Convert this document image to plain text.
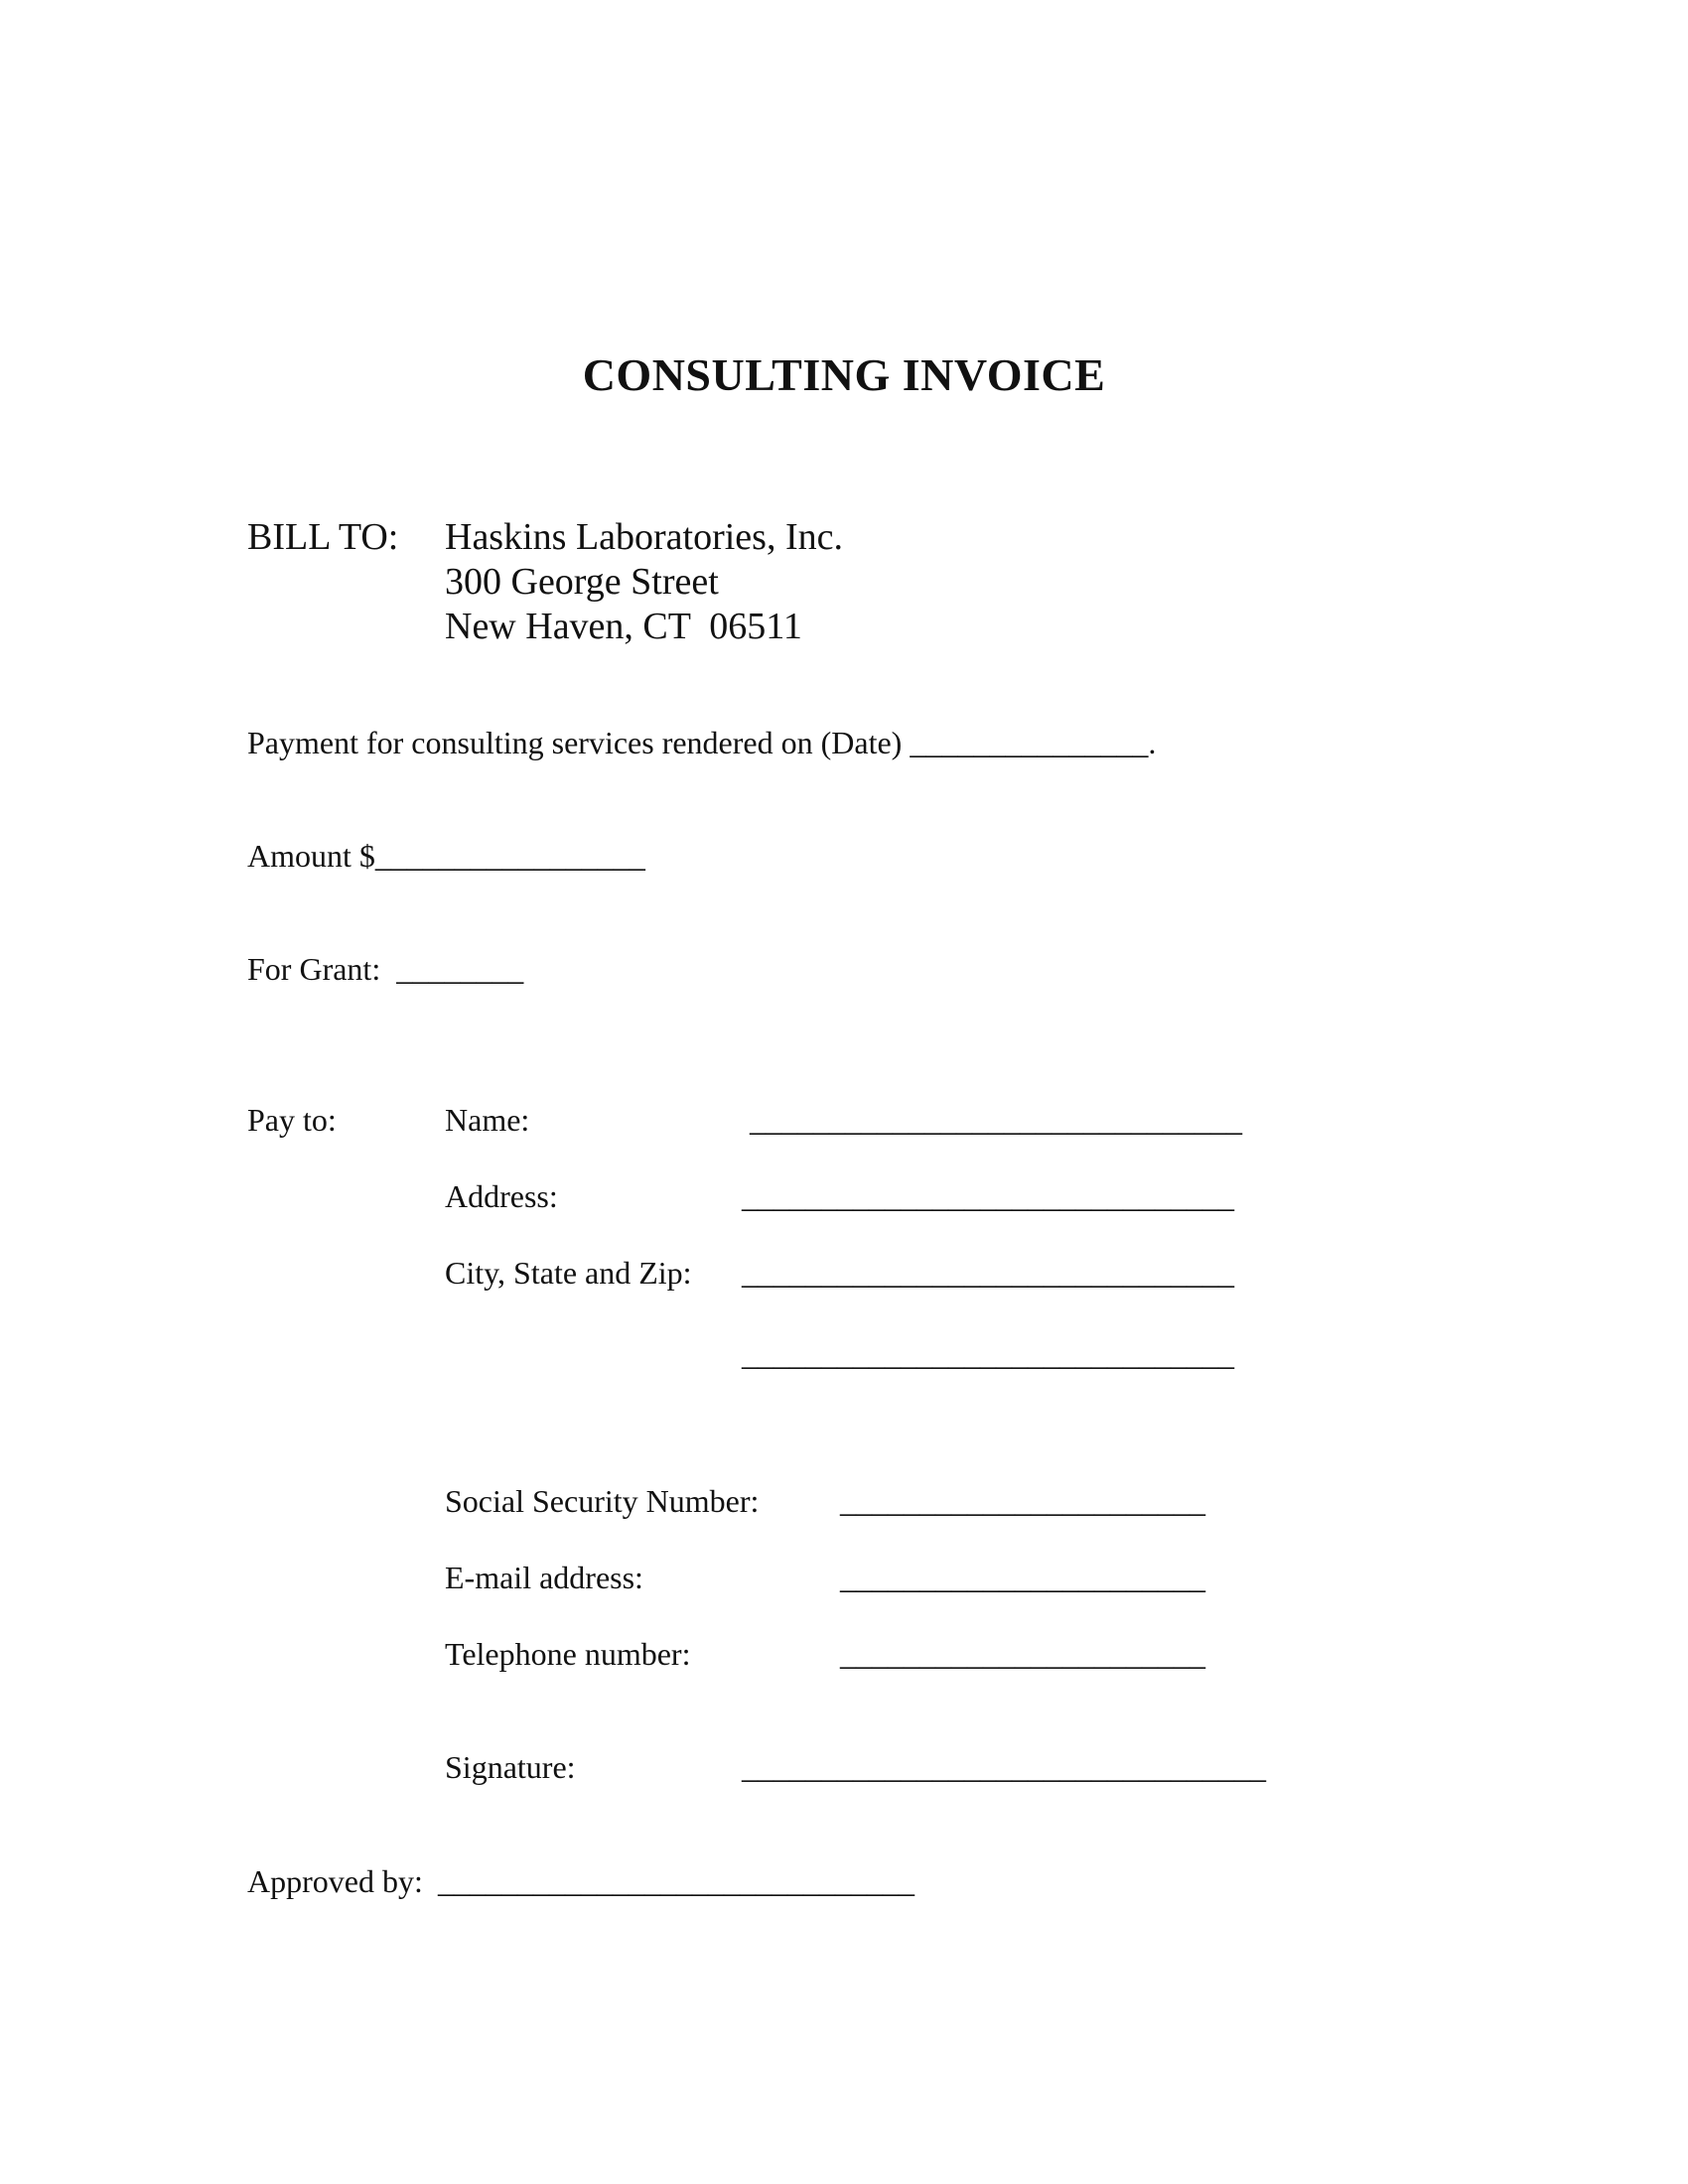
CONSULTING INVOICE
BILL TO: Haskins Laboratories, Inc.
300 George Street
New Haven, CT  06511
Payment for consulting services rendered on (Date) _______________.
Amount $_________________
For Grant:  ________
Pay to:	Name:	_______________________________
Address:	_______________________________
City, State and Zip: _______________________________
_______________________________
Social Security Number:	_______________________
E-mail address:	_______________________
Telephone number:	_______________________
Signature:	_________________________________
Approved by: ______________________________
